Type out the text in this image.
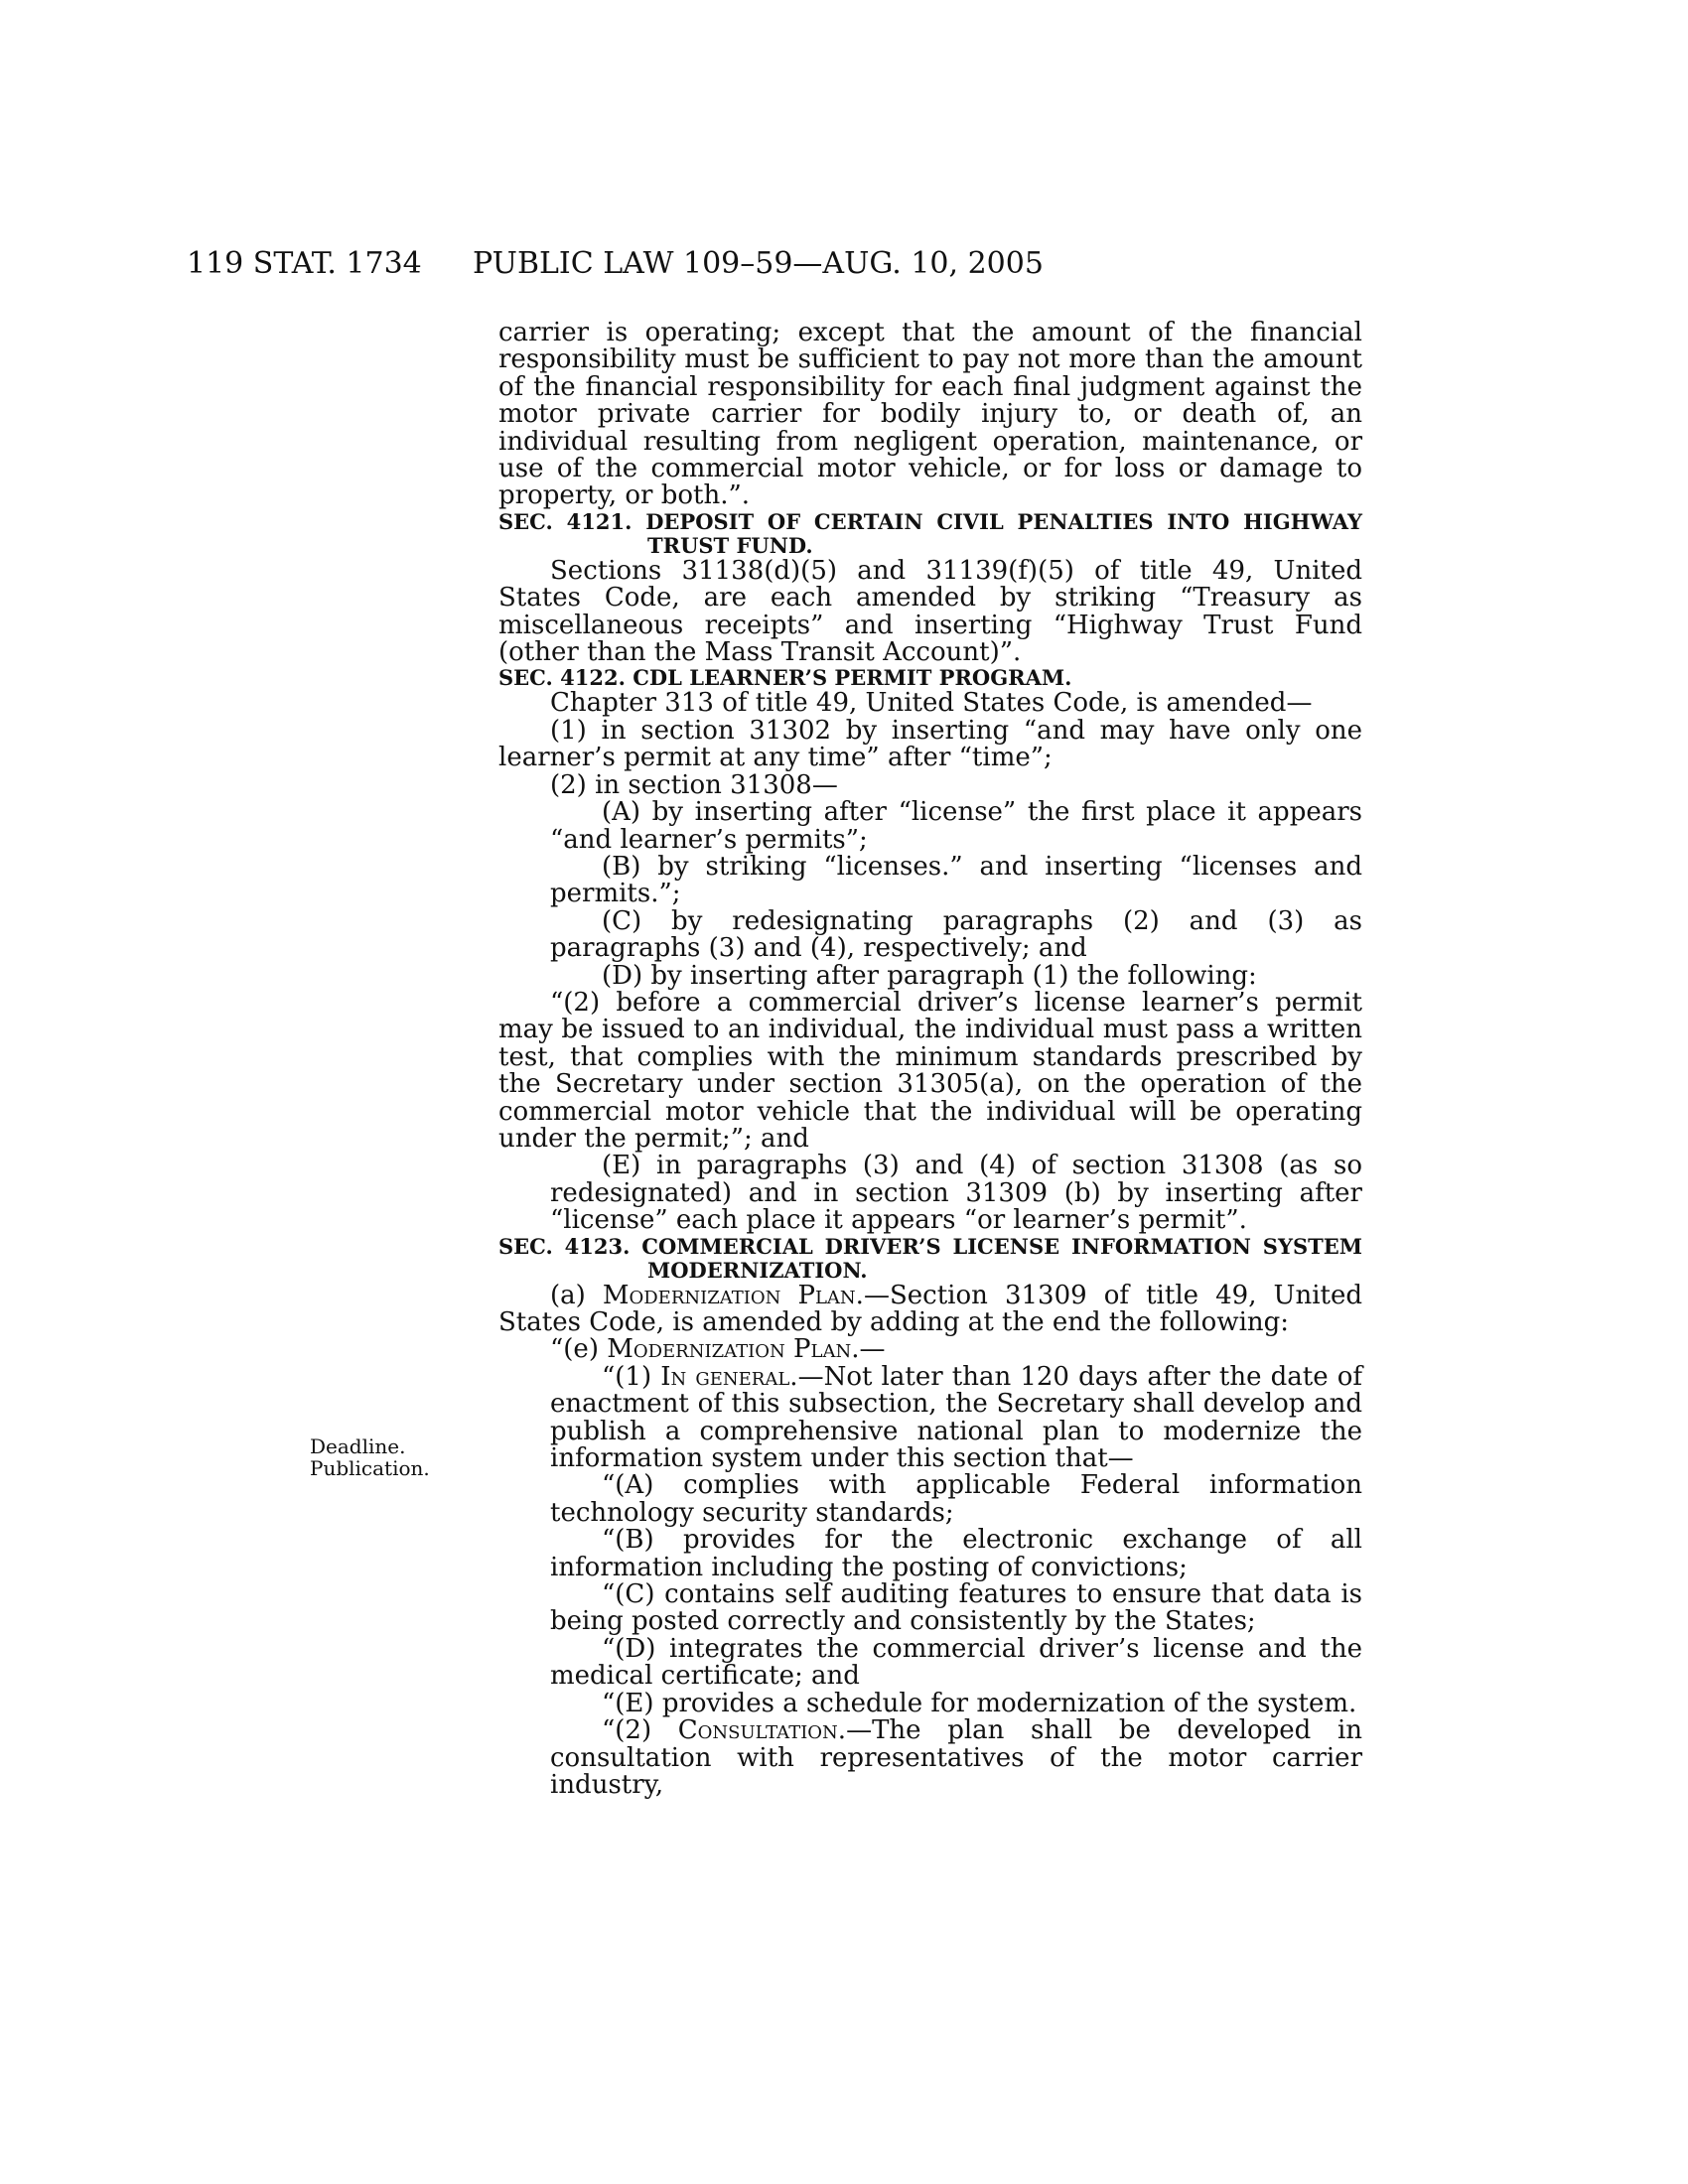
119 STAT. 1734 PUBLIC LAW 109–59—AUG. 10, 2005
Deadline.
Publication.

carrier is operating; except that the amount of the financial responsibility must be sufficient to pay not more than the amount of the financial responsibility for each final judgment against the motor private carrier for bodily injury to, or death of, an individual resulting from negligent operation, maintenance, or use of the commercial motor vehicle, or for loss or damage to property, or both.”.

SEC. 4121. DEPOSIT OF CERTAIN CIVIL PENALTIES INTO HIGHWAY TRUST FUND.

Sections 31138(d)(5) and 31139(f)(5) of title 49, United States Code, are each amended by striking “Treasury as miscellaneous receipts” and inserting “Highway Trust Fund (other than the Mass Transit Account)”.

SEC. 4122. CDL LEARNER’S PERMIT PROGRAM.

Chapter 313 of title 49, United States Code, is amended—

(1) in section 31302 by inserting “and may have only one learner’s permit at any time” after “time”;

(2) in section 31308—

(A) by inserting after “license” the first place it appears “and learner’s permits”;

(B) by striking “licenses.” and inserting “licenses and permits.”;

(C) by redesignating paragraphs (2) and (3) as paragraphs (3) and (4), respectively; and

(D) by inserting after paragraph (1) the following:

“(2) before a commercial driver’s license learner’s permit may be issued to an individual, the individual must pass a written test, that complies with the minimum standards prescribed by the Secretary under section 31305(a), on the operation of the commercial motor vehicle that the individual will be operating under the permit;”; and

(E) in paragraphs (3) and (4) of section 31308 (as so redesignated) and in section 31309 (b) by inserting after “license” each place it appears “or learner’s permit”.

SEC. 4123. COMMERCIAL DRIVER’S LICENSE INFORMATION SYSTEM MODERNIZATION.

(a) Modernization Plan.—Section 31309 of title 49, United States Code, is amended by adding at the end the following:

“(e) Modernization Plan.—

“(1) In general.—Not later than 120 days after the date of enactment of this subsection, the Secretary shall develop and publish a comprehensive national plan to modernize the information system under this section that—

“(A) complies with applicable Federal information technology security standards;

“(B) provides for the electronic exchange of all information including the posting of convictions;

“(C) contains self auditing features to ensure that data is being posted correctly and consistently by the States;

“(D) integrates the commercial driver’s license and the medical certificate; and

“(E) provides a schedule for modernization of the system.

“(2) Consultation.—The plan shall be developed in consultation with representatives of the motor carrier industry,
